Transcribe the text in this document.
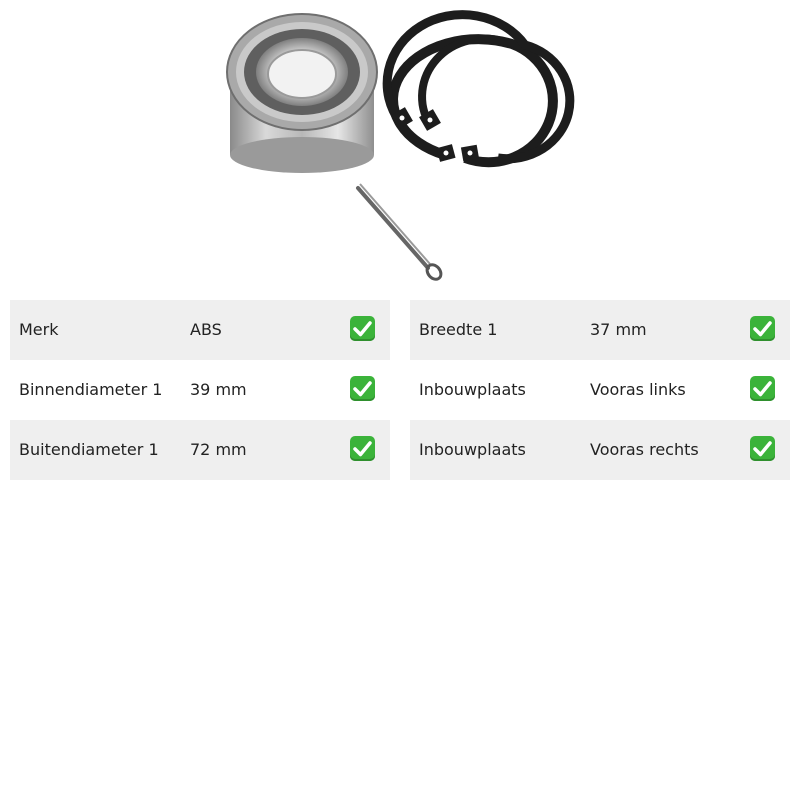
Merk	ABS
Binnendiameter 1 39 mm
Buitendiameter 1 72 mm
Breedte 1	37 mm
Inbouwplaats	Vooras links
Inbouwplaats	Vooras rechts
